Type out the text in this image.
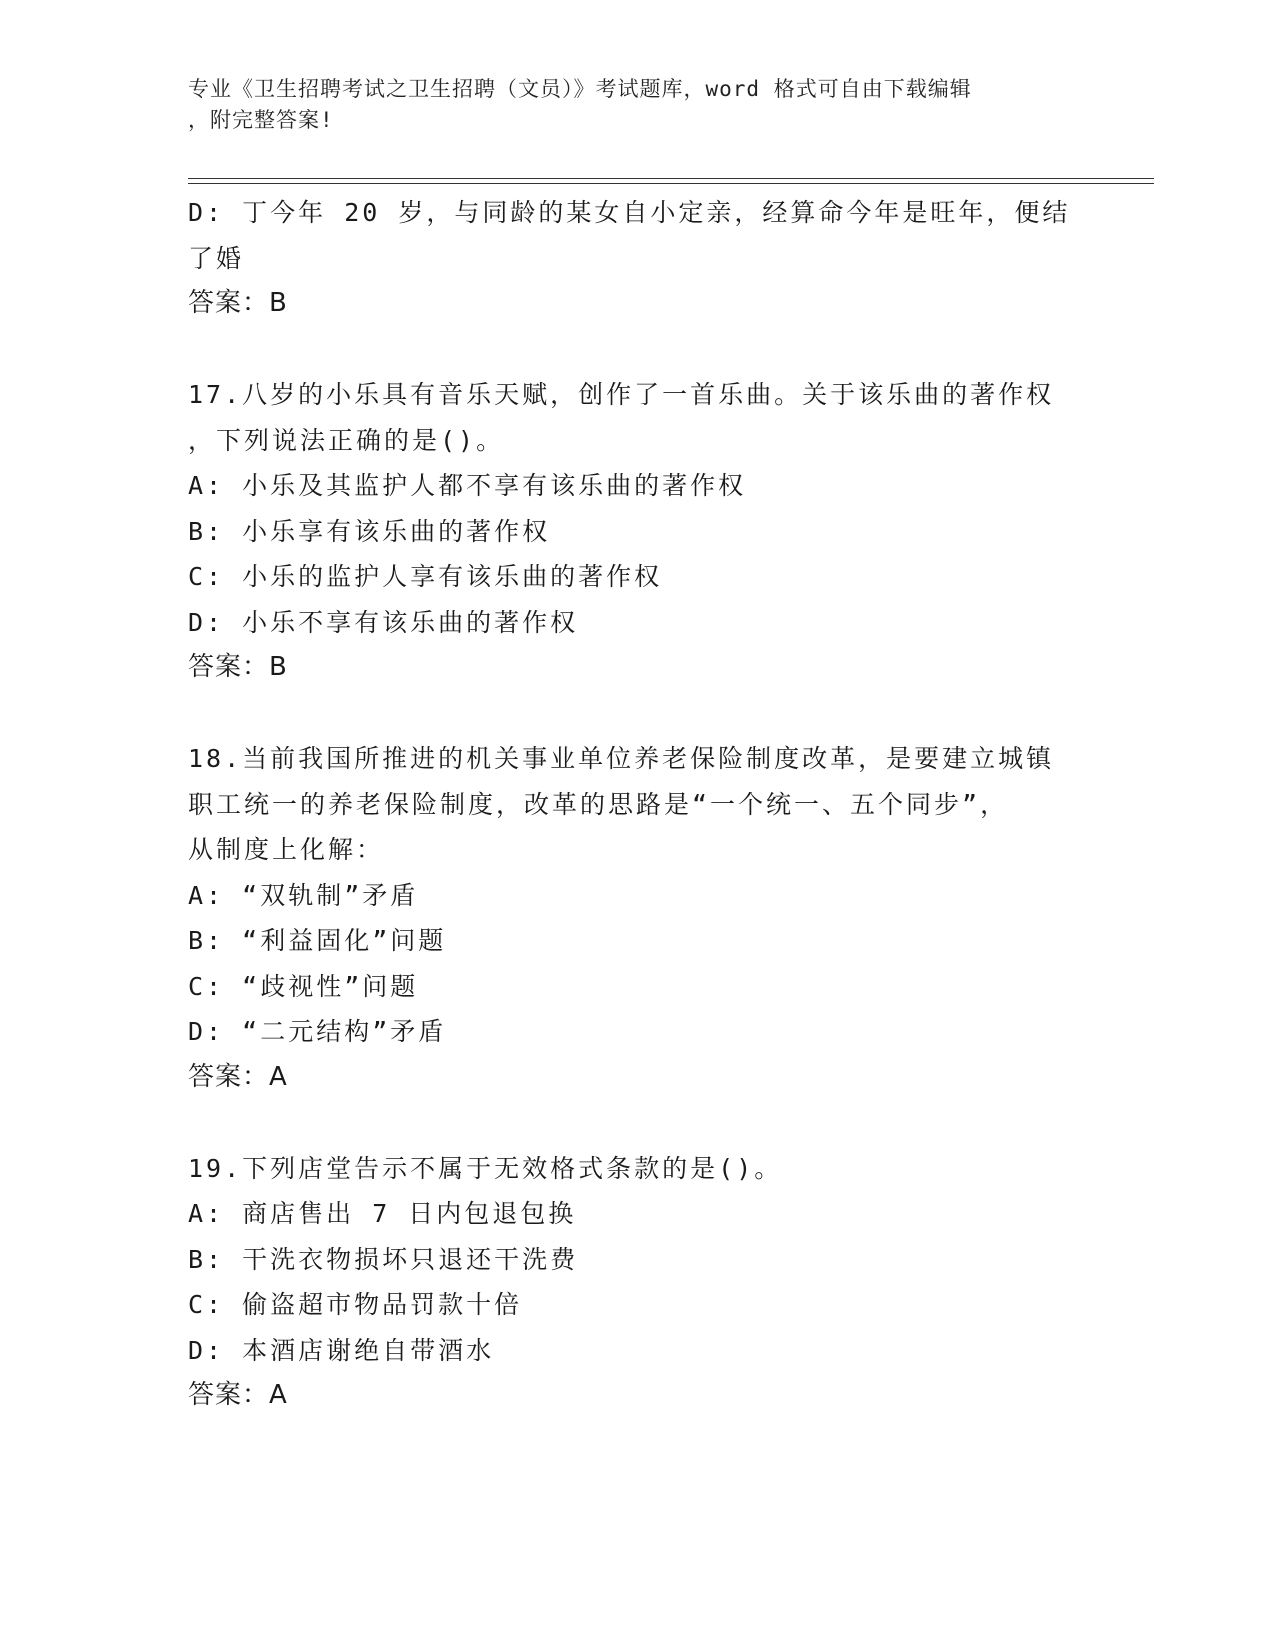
专业《卫生招聘考试之卫生招聘（文员）》考试题库，word 格式可自由下载编辑
，附完整答案!
D: 丁今年 20 岁，与同龄的某女自小定亲，经算命今年是旺年，便结
了婚
答案：B
17.八岁的小乐具有音乐天赋，创作了一首乐曲。关于该乐曲的著作权
，下列说法正确的是()。
A: 小乐及其监护人都不享有该乐曲的著作权
B: 小乐享有该乐曲的著作权
C: 小乐的监护人享有该乐曲的著作权
D: 小乐不享有该乐曲的著作权
答案：B
18.当前我国所推进的机关事业单位养老保险制度改革，是要建立城镇
职工统一的养老保险制度，改革的思路是“一个统一、五个同步”，
从制度上化解：
A: “双轨制”矛盾
B: “利益固化”问题
C: “歧视性”问题
D: “二元结构”矛盾
答案：A
19.下列店堂告示不属于无效格式条款的是()。
A: 商店售出 7 日内包退包换
B: 干洗衣物损坏只退还干洗费
C: 偷盗超市物品罚款十倍
D: 本酒店谢绝自带酒水
答案：A
